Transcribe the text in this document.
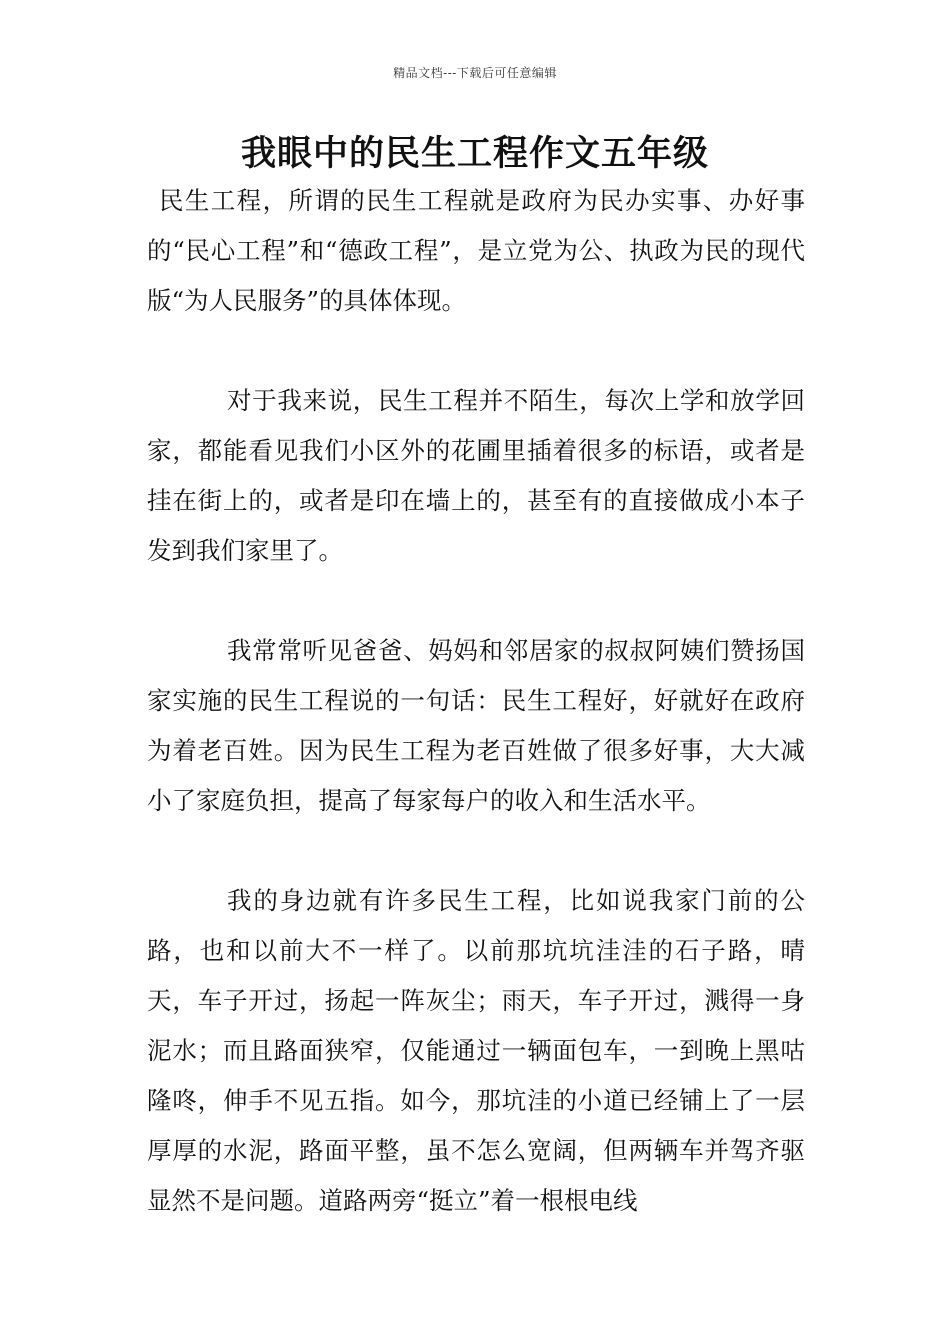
精品文档---下载后可任意编辑
我眼中的民生工程作文五年级

民生工程，所谓的民生工程就是政府为民办实事、办好事的“民心工程”和“德政工程”，是立党为公、执政为民的现代版“为人民服务”的具体体现。

对于我来说，民生工程并不陌生，每次上学和放学回家，都能看见我们小区外的花圃里插着很多的标语，或者是挂在街上的，或者是印在墙上的，甚至有的直接做成小本子发到我们家里了。

我常常听见爸爸、妈妈和邻居家的叔叔阿姨们赞扬国家实施的民生工程说的一句话：民生工程好，好就好在政府为着老百姓。因为民生工程为老百姓做了很多好事，大大减小了家庭负担，提高了每家每户的收入和生活水平。

我的身边就有许多民生工程，比如说我家门前的公路，也和以前大不一样了。以前那坑坑洼洼的石子路，晴天，车子开过，扬起一阵灰尘；雨天，车子开过，溅得一身泥水；而且路面狭窄，仅能通过一辆面包车，一到晚上黑咕隆咚，伸手不见五指。如今，那坑洼的小道已经铺上了一层厚厚的水泥，路面平整，虽不怎么宽阔，但两辆车并驾齐驱显然不是问题。道路两旁“挺立”着一根根电线
